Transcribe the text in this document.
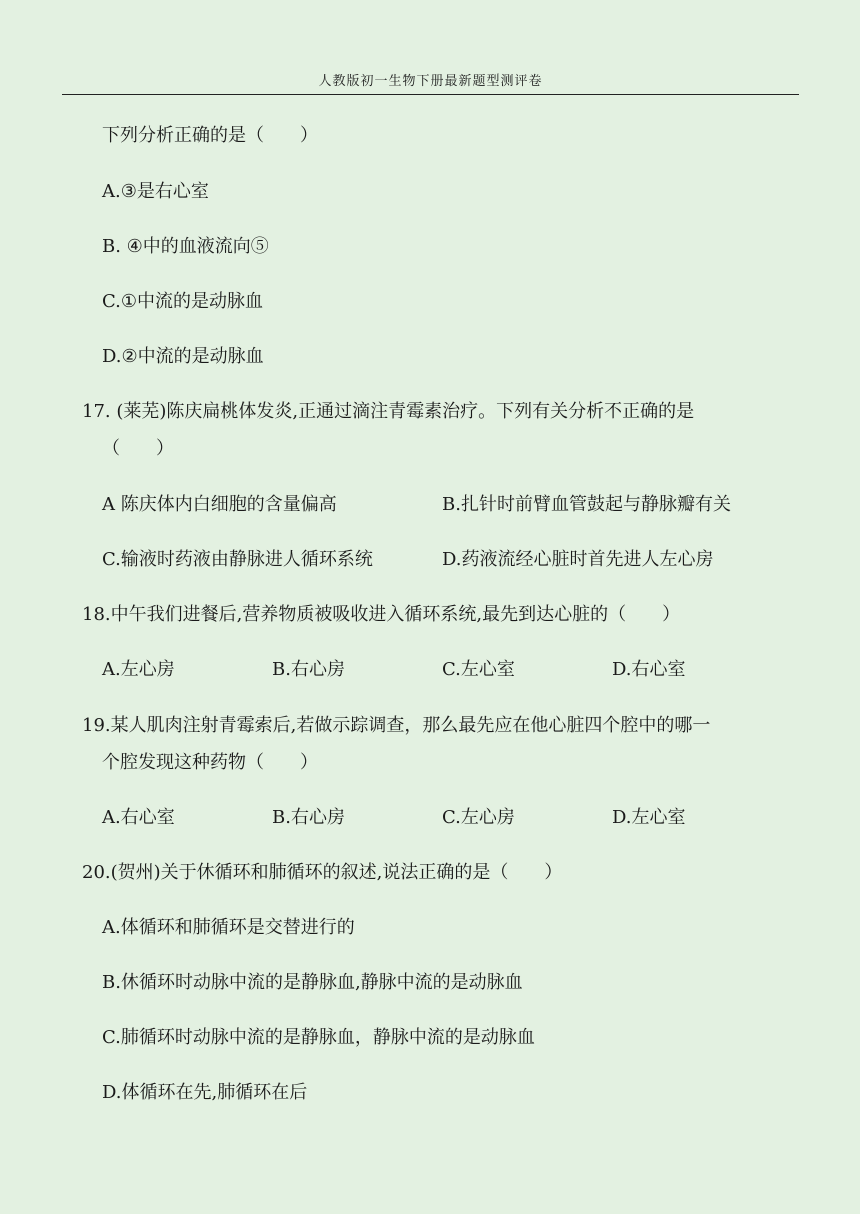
人教版初一生物下册最新题型测评卷
下列分析正确的是（　　）
A.③是右心室
B. ④中的血液流向⑤
C.①中流的是动脉血
D.②中流的是动脉血
17. (莱芜)陈庆扁桃体发炎,正通过滴注青霉素治疗。下列有关分析不正确的是
（　　）
A 陈庆体内白细胞的含量偏高	B.扎针时前臂血管鼓起与静脉瓣有关
C.输液时药液由静脉进人循环系统	D.药液流经心脏时首先进人左心房
18.中午我们进餐后,营养物质被吸收进入循环系统,最先到达心脏的（　　）
A.左心房	B.右心房	C.左心室	D.右心室
19.某人肌肉注射青霉索后,若做示踪调查，那么最先应在他心脏四个腔中的哪一
个腔发现这种药物（　　）
A.右心室	B.右心房	C.左心房	D.左心室
20.(贺州)关于休循环和肺循环的叙述,说法正确的是（　　）
A.体循环和肺循环是交替进行的
B.休循环时动脉中流的是静脉血,静脉中流的是动脉血
C.肺循环时动脉中流的是静脉血，静脉中流的是动脉血
D.体循环在先,肺循环在后
